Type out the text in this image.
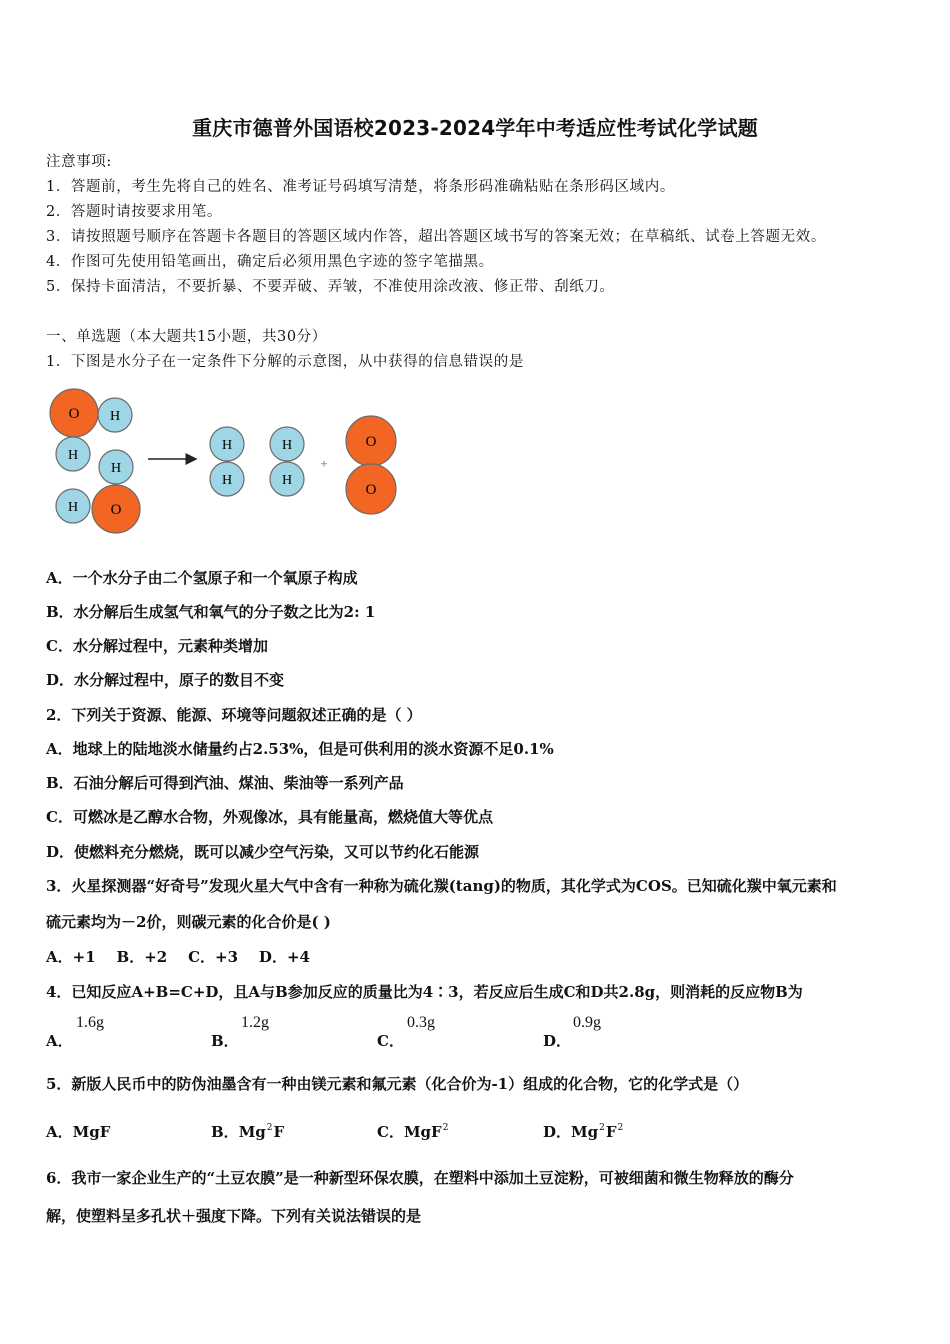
重庆市德普外国语校2023-2024学年中考适应性考试化学试题
注意事项:
1．答题前，考生先将自己的姓名、准考证号码填写清楚，将条形码准确粘贴在条形码区域内。
2．答题时请按要求用笔。
3．请按照题号顺序在答题卡各题目的答题区域内作答，超出答题区域书写的答案无效；在草稿纸、试卷上答题无效。
4．作图可先使用铅笔画出，确定后必须用黑色字迹的签字笔描黑。
5．保持卡面清洁，不要折暴、不要弄破、弄皱，不准使用涂改液、修正带、刮纸刀。
一、单选题（本大题共15小题，共30分）
1．下图是水分子在一定条件下分解的示意图，从中获得的信息错误的是
H
O
H
H
H O
H
H
H
H
+
O
O
A．一个水分子由二个氢原子和一个氧原子构成
B．水分解后生成氢气和氧气的分子数之比为2: 1
C．水分解过程中，元素种类增加
D．水分解过程中，原子的数目不变
2．下列关于资源、能源、环境等问题叙述正确的是（ ）
A．地球上的陆地淡水储量约占2.53%，但是可供利用的淡水资源不足0.1%
B．石油分解后可得到汽油、煤油、柴油等一系列产品
C．可燃冰是乙醇水合物，外观像冰，具有能量高，燃烧值大等优点
D．使燃料充分燃烧，既可以减少空气污染，又可以节约化石能源
3．火星探测器“好奇号”发现火星大气中含有一种称为硫化羰(tang)的物质，其化学式为COS。已知硫化羰中氧元素和
硫元素均为－2价，则碳元素的化合价是( )
A．+1    B．+2    C．+3    D．+4
4．已知反应A+B=C+D，且A与B参加反应的质量比为4∶3，若反应后生成C和D共2.8g，则消耗的反应物B为
A．
1.6g
B．
1.2g
C．
0.3g
D．
0.9g
5．新版人民币中的防伪油墨含有一种由镁元素和氟元素（化合价为-1）组成的化合物，它的化学式是（）
A．MgF	B．Mg$^2$F	C．MgF$^2$	D．$Mg^2F^2$
6．我市一家企业生产的“土豆农膜”是一种新型环保农膜，在塑料中添加土豆淀粉，可被细菌和微生物释放的酶分
解，使塑料呈多孔状＋强度下降。下列有关说法错误的是
